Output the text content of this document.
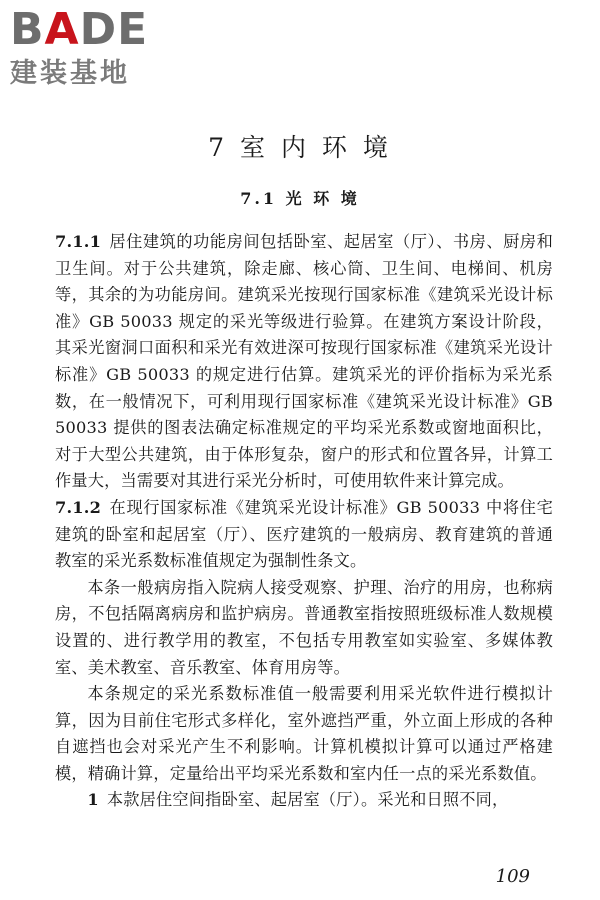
BADE
建装基地
7 室 内 环 境
7.1 光 环 境

7.1.1 居住建筑的功能房间包括卧室、起居室（厅）、书房、厨房和卫生间。对于公共建筑，除走廊、核心筒、卫生间、电梯间、机房等，其余的为功能房间。建筑采光按现行国家标准《建筑采光设计标准》GB 50033 规定的采光等级进行验算。在建筑方案设计阶段，其采光窗洞口面积和采光有效进深可按现行国家标准《建筑采光设计标准》GB 50033 的规定进行估算。建筑采光的评价指标为采光系数，在一般情况下，可利用现行国家标准《建筑采光设计标准》GB 50033 提供的图表法确定标准规定的平均采光系数或窗地面积比，对于大型公共建筑，由于体形复杂，窗户的形式和位置各异，计算工作量大，当需要对其进行采光分析时，可使用软件来计算完成。

7.1.2 在现行国家标准《建筑采光设计标准》GB 50033 中将住宅建筑的卧室和起居室（厅）、医疗建筑的一般病房、教育建筑的普通教室的采光系数标准值规定为强制性条文。

本条一般病房指入院病人接受观察、护理、治疗的用房，也称病房，不包括隔离病房和监护病房。普通教室指按照班级标准人数规模设置的、进行教学用的教室，不包括专用教室如实验室、多媒体教室、美术教室、音乐教室、体育用房等。

本条规定的采光系数标准值一般需要利用采光软件进行模拟计算，因为目前住宅形式多样化，室外遮挡严重，外立面上形成的各种自遮挡也会对采光产生不利影响。计算机模拟计算可以通过严格建模，精确计算，定量给出平均采光系数和室内任一点的采光系数值。

1 本款居住空间指卧室、起居室（厅）。采光和日照不同，

109
